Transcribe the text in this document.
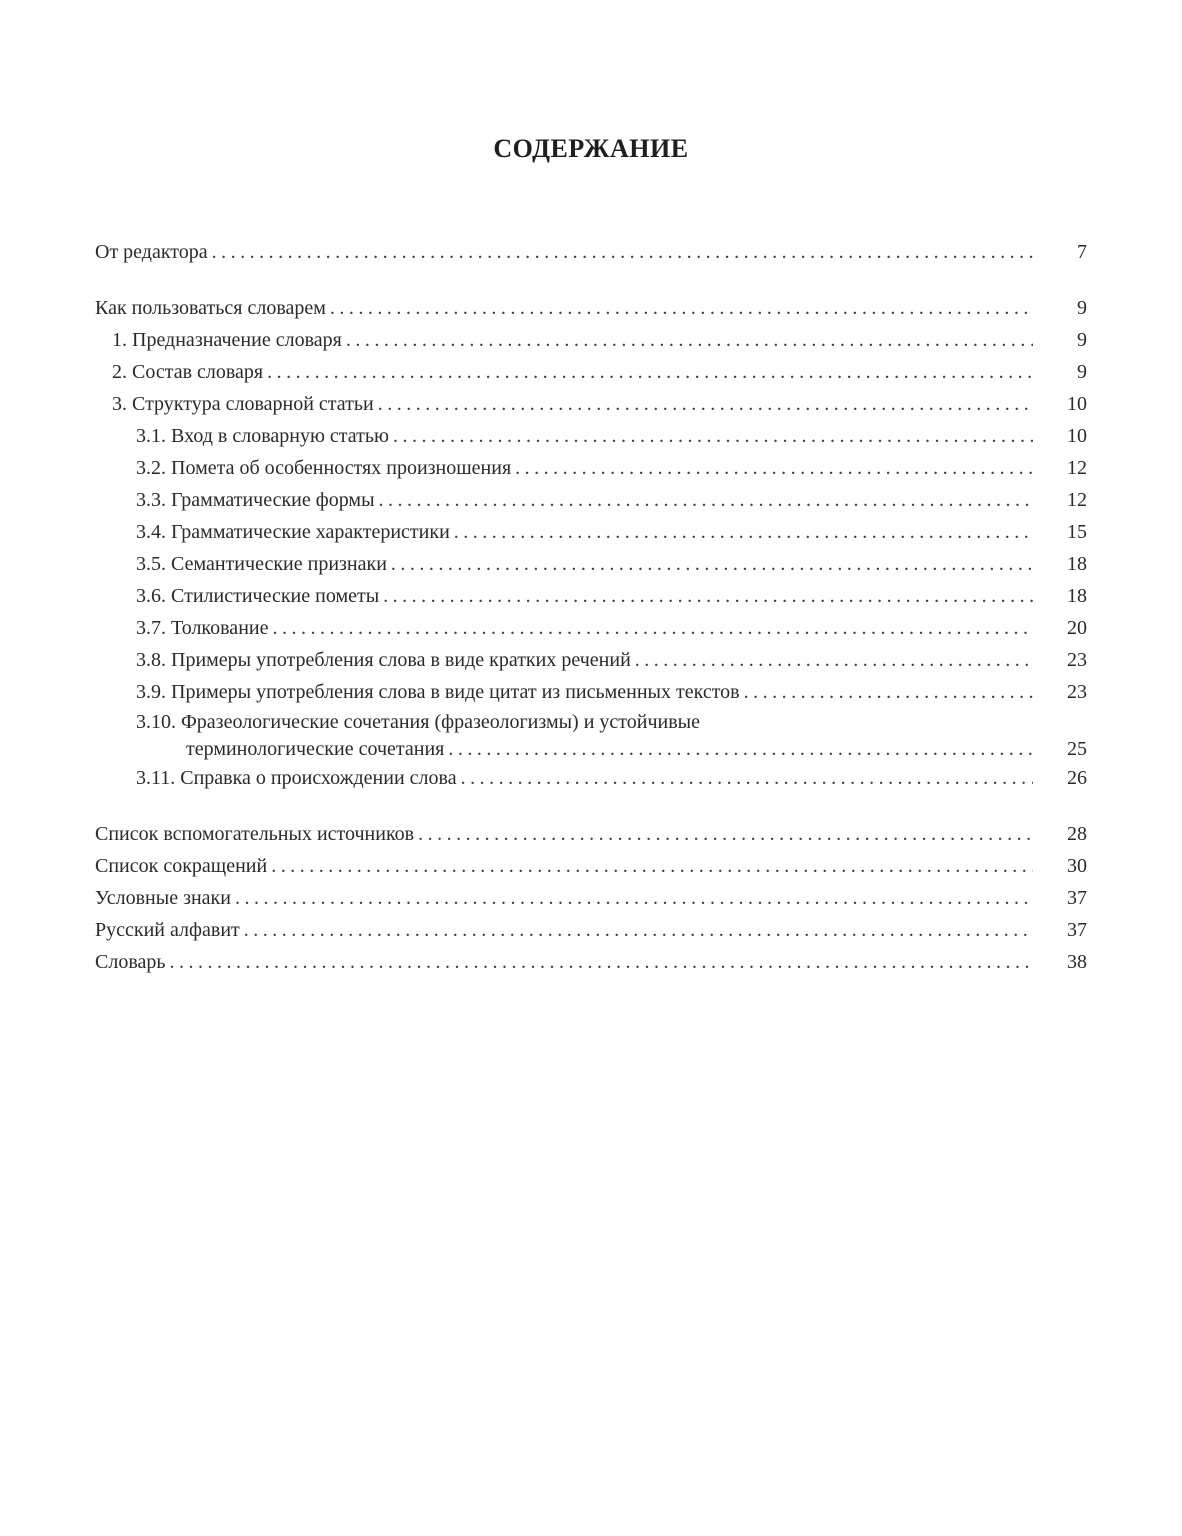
СОДЕРЖАНИЕ
От редактора . . .	7
Как пользоваться словарем . . .	9
1. Предназначение словаря . . .	9
2. Состав словаря . . .	9
3. Структура словарной статьи . . .	10
3.1. Вход в словарную статью . . .	10
3.2. Помета об особенностях произношения . . .	12
3.3. Грамматические формы . . .	12
3.4. Грамматические характеристики . . .	15
3.5. Семантические признаки . . .	18
3.6. Стилистические пометы . . .	18
3.7. Толкование . . .	20
3.8. Примеры употребления слова в виде кратких речений . . .	23
3.9. Примеры употребления слова в виде цитат из письменных текстов . . .	23
3.10. Фразеологические сочетания (фразеологизмы) и устойчивые
терминологические сочетания . . .	25
3.11. Справка о происхождении слова . . .	26
Список вспомогательных источников . . .	28
Список сокращений . . .	30
Условные знаки . . .	37
Русский алфавит . . .	37
Словарь . . .	38
